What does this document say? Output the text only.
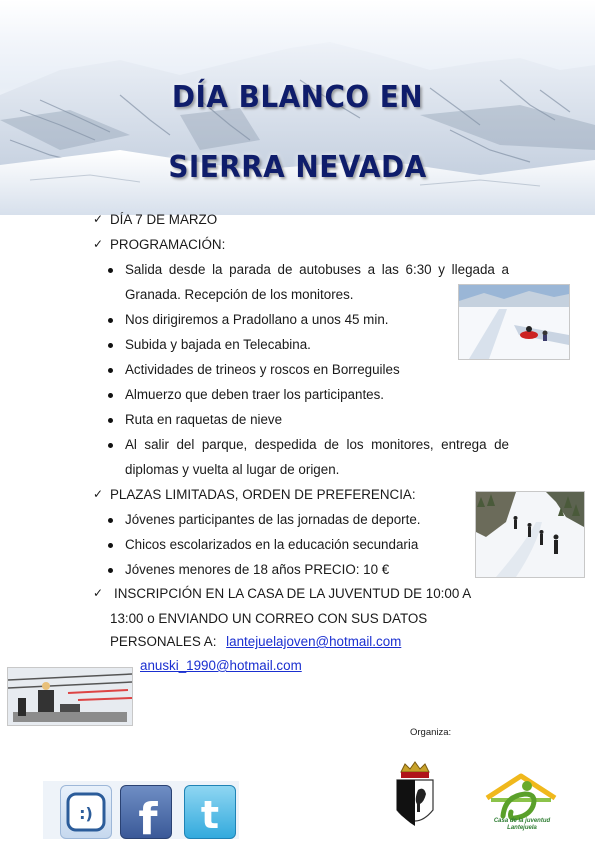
DÍA BLANCO EN
SIERRA NEVADA
✓ DÍA 7 DE MARZO
✓ PROGRAMACIÓN:
Salida desde la parada de autobuses a las 6:30 y llegada a
Granada. Recepción de los monitores.
Nos dirigiremos a Pradollano a unos 45 min.
Subida y bajada en Telecabina.
Actividades de trineos y roscos en Borreguiles
Almuerzo que deben traer los participantes.
Ruta en raquetas de nieve
Al salir del parque, despedida de los monitores, entrega de
diplomas y vuelta al lugar de origen.
✓ PLAZAS LIMITADAS, ORDEN DE PREFERENCIA:
Jóvenes participantes de las jornadas de deporte.
Chicos escolarizados en la educación secundaria
Jóvenes menores de 18 años PRECIO: 10 €
✓ INSCRIPCIÓN EN LA CASA DE LA JUVENTUD DE 10:00 A
13:00 o ENVIANDO UN CORREO CON SUS DATOS
PERSONALES A: lantejuelajoven@hotmail.com
anuski_1990@hotmail.com
Organiza:
Casa de la juventud Lantejuela
:) f t
